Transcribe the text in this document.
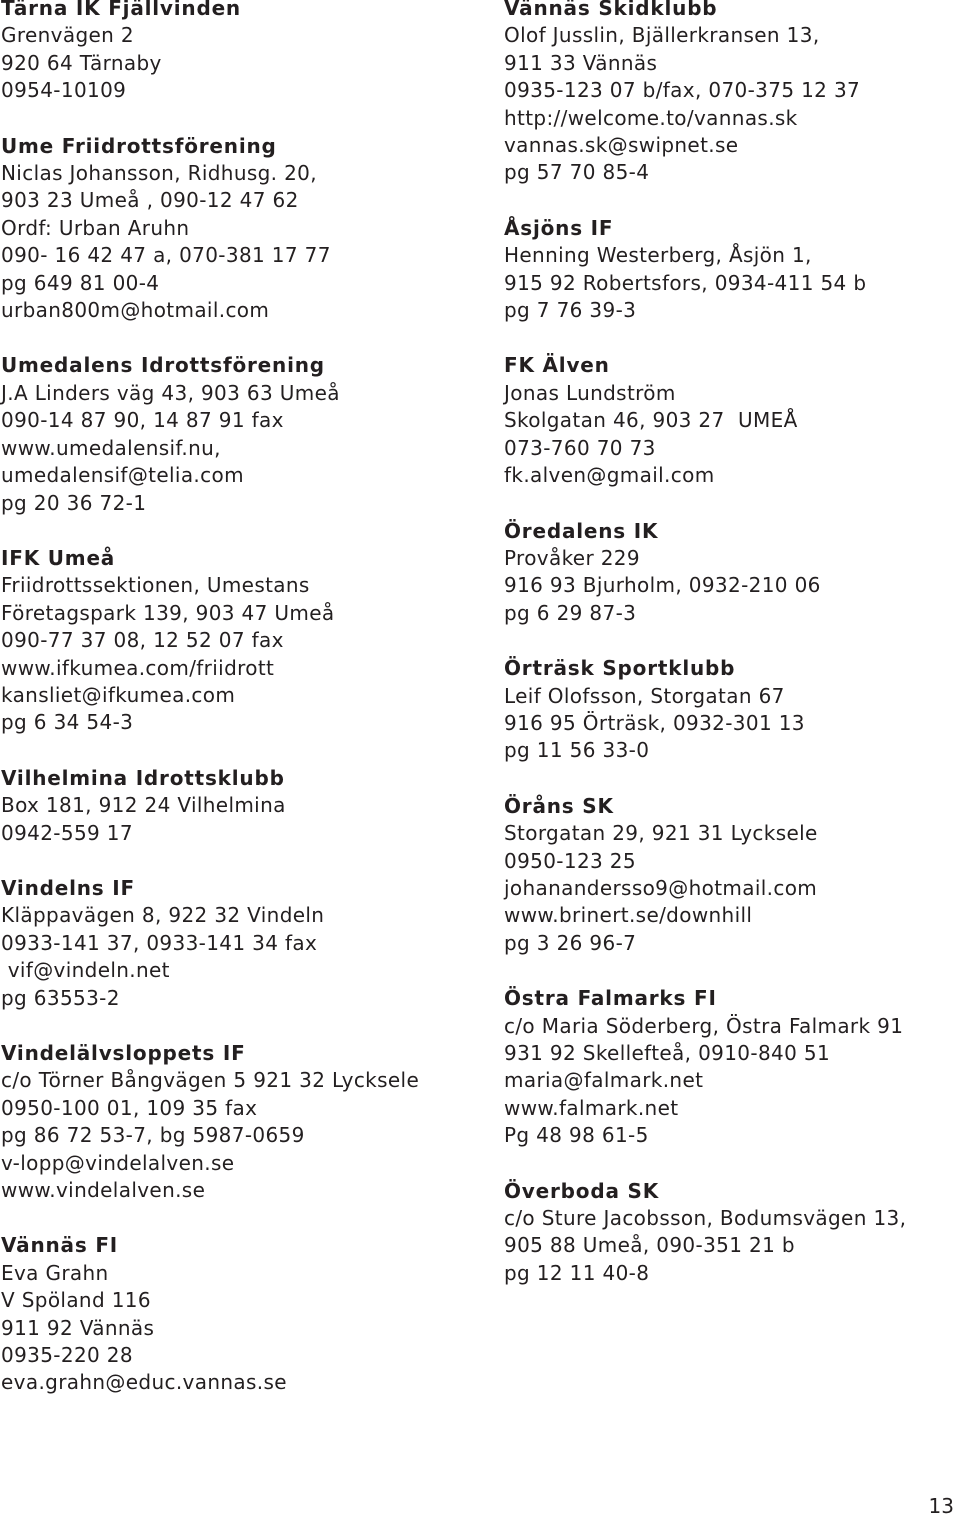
Tärna IK Fjällvinden
Grenvägen 2
920 64 Tärnaby
0954-10109
Ume Friidrottsförening
Niclas Johansson, Ridhusg. 20,
903 23 Umeå , 090-12 47 62
Ordf: Urban Aruhn
090- 16 42 47 a, 070-381 17 77
pg 649 81 00-4
urban800m@hotmail.com
Umedalens Idrottsförening
J.A Linders väg 43, 903 63 Umeå
090-14 87 90, 14 87 91 fax
www.umedalensif.nu,
umedalensif@telia.com
pg 20 36 72-1
IFK Umeå
Friidrottssektionen, Umestans
Företagspark 139, 903 47 Umeå
090-77 37 08, 12 52 07 fax
www.ifkumea.com/friidrott
kansliet@ifkumea.com
pg 6 34 54-3
Vilhelmina Idrottsklubb
Box 181, 912 24 Vilhelmina
0942-559 17
Vindelns IF
Kläppavägen 8, 922 32 Vindeln
0933-141 37, 0933-141 34 fax
vif@vindeln.net
pg 63553-2
Vindelälvsloppets IF
c/o Törner Bångvägen 5 921 32 Lycksele
0950-100 01, 109 35 fax
pg 86 72 53-7, bg 5987-0659
v-lopp@vindelalven.se
www.vindelalven.se
Vännäs FI
Eva Grahn
V Spöland 116
911 92 Vännäs
0935-220 28
eva.grahn@educ.vannas.se
Vännäs Skidklubb
Olof Jusslin, Bjällerkransen 13,
911 33 Vännäs
0935-123 07 b/fax, 070-375 12 37
http://welcome.to/vannas.sk
vannas.sk@swipnet.se
pg 57 70 85-4
Åsjöns IF
Henning Westerberg, Åsjön 1,
915 92 Robertsfors, 0934-411 54 b
pg 7 76 39-3
FK Älven
Jonas Lundström
Skolgatan 46, 903 27  UMEÅ
073-760 70 73
fk.alven@gmail.com
Öredalens IK
Provåker 229
916 93 Bjurholm, 0932-210 06
pg 6 29 87-3
Örträsk Sportklubb
Leif Olofsson, Storgatan 67
916 95 Örträsk, 0932-301 13
pg 11 56 33-0
Öråns SK
Storgatan 29, 921 31 Lycksele
0950-123 25
johanandersso9@hotmail.com
www.brinert.se/downhill
pg 3 26 96-7
Östra Falmarks FI
c/o Maria Söderberg, Östra Falmark 91
931 92 Skellefteå, 0910-840 51
maria@falmark.net
www.falmark.net
Pg 48 98 61-5
Överboda SK
c/o Sture Jacobsson, Bodumsvägen 13,
905 88 Umeå, 090-351 21 b
pg 12 11 40-8
13
